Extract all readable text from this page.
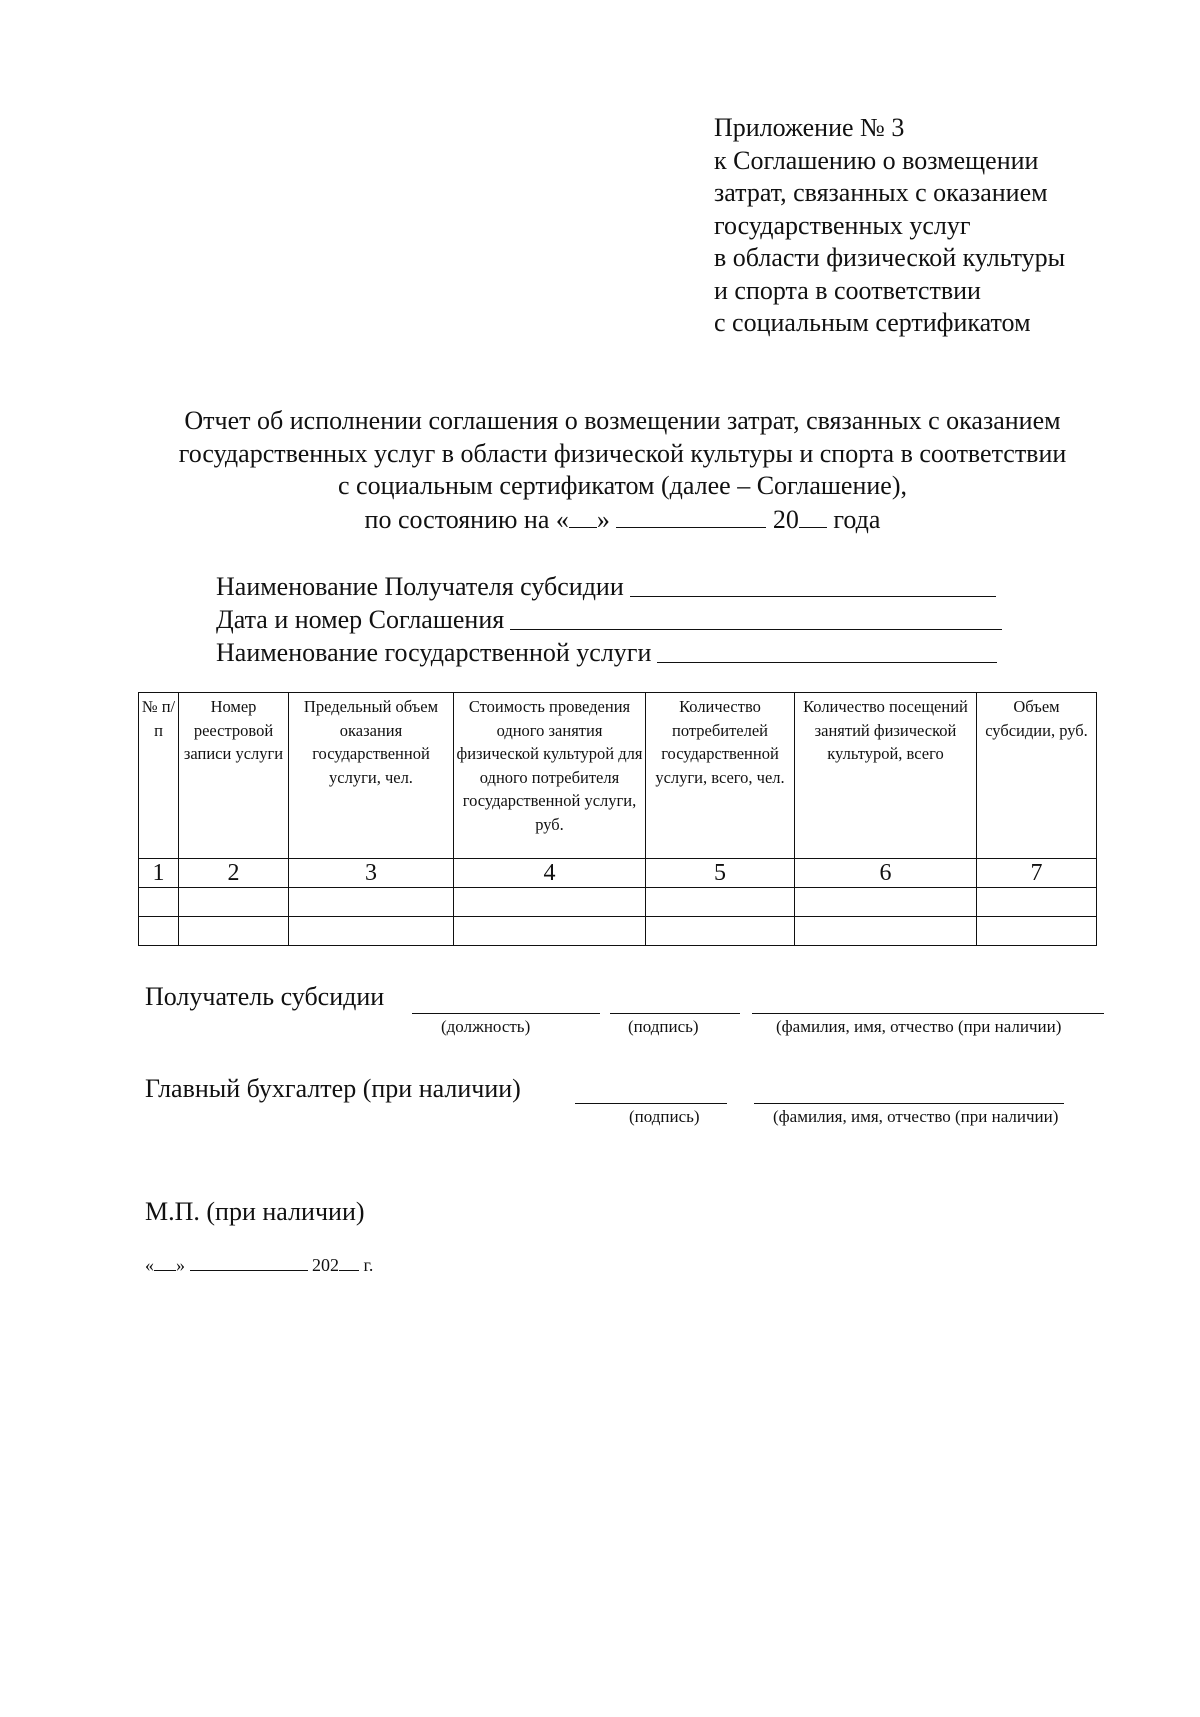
Приложение № 3
к Соглашению о возмещении
затрат, связанных с оказанием
государственных услуг
в области физической культуры
и спорта в соответствии
с социальным сертификатом
Отчет об исполнении соглашения о возмещении затрат, связанных с оказанием
государственных услуг в области физической культуры и спорта в соответствии
с социальным сертификатом (далее – Соглашение),
по состоянию на « »	20 года
Наименование Получателя субсидии
Дата и номер Соглашения
Наименование государственной услуги
№ п/п	Номер реестровой записи услуги	Предельный объем оказания государственной услуги, чел.	Стоимость проведения одного занятия физической культурой для одного потребителя государственной услуги, руб.	Количество потребителей государственной услуги, всего, чел.	Количество посещений занятий физической культурой, всего	Объем субсидии, руб.
1	2	3	4	5	6	7

Получатель субсидии
(должность)	(подпись)	(фамилия, имя, отчество (при наличии)
Главный бухгалтер (при наличии)
(подпись)	(фамилия, имя, отчество (при наличии)
М.П. (при наличии)
« »	202 г.
